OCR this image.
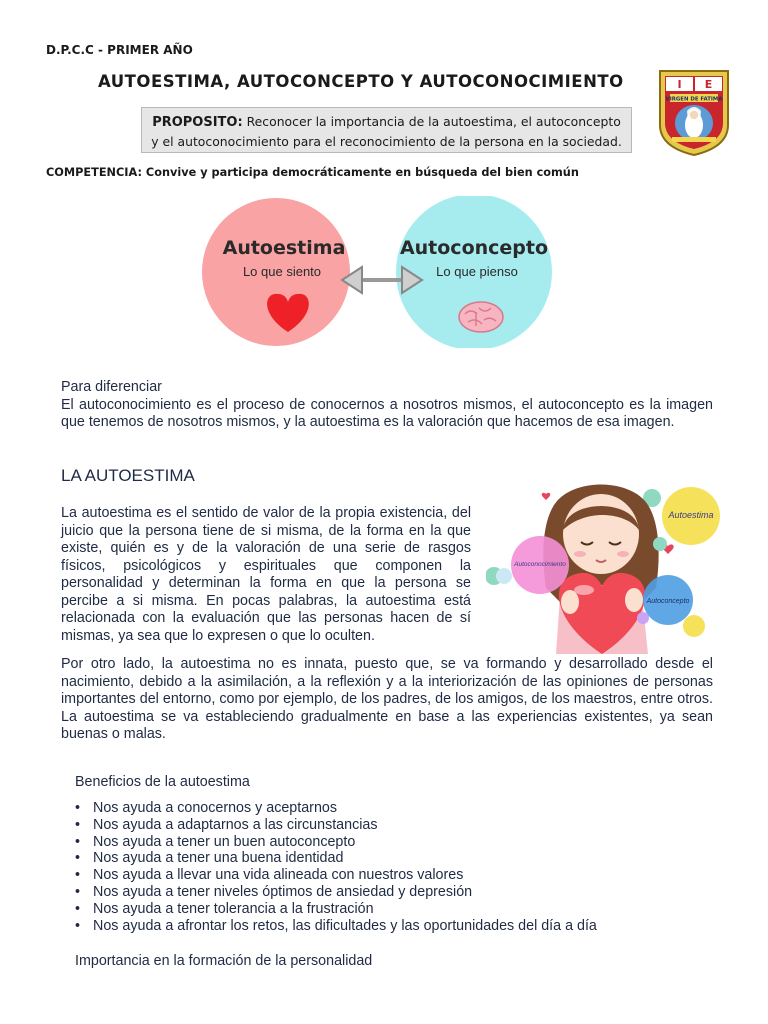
D.P.C.C - PRIMER AÑO
AUTOESTIMA, AUTOCONCEPTO Y AUTOCONOCIMIENTO
PROPOSITO: Reconocer la importancia de la autoestima, el autoconcepto y el autoconocimiento para el reconocimiento de la persona en la sociedad.
COMPETENCIA: Convive y participa democráticamente en búsqueda del bien común
I E
VIRGEN DE FATIMA
Autoestima
Lo que siento
Autoconcepto
Lo que pienso
Para diferenciar
El autoconocimiento es el proceso de conocernos a nosotros mismos, el autoconcepto es la imagen que tenemos de nosotros mismos, y la autoestima es la valoración que hacemos de esa imagen.
LA AUTOESTIMA
La autoestima es el sentido de valor de la propia existencia, del juicio que la persona tiene de si misma, de la forma en la que existe, quién es y de la valoración de una serie de rasgos físicos, psicológicos y espirituales que componen la personalidad y determinan la forma en que la persona se percibe a si misma. En pocas palabras, la autoestima está relacionada con la evaluación que las personas hacen de sí mismas, ya sea que lo expresen o que lo oculten.
Autoestima
Autoconocimiento
Autoconcepto
Por otro lado, la autoestima no es innata, puesto que, se va formando y desarrollado desde el nacimiento, debido a la asimilación, a la reflexión y a la interiorización de las opiniones de personas importantes del entorno, como por ejemplo, de los padres, de los amigos, de los maestros, entre otros. La autoestima se va estableciendo gradualmente en base a las experiencias existentes, ya sean buenas o malas.
Beneficios de la autoestima
• Nos ayuda a conocernos y aceptarnos
• Nos ayuda a adaptarnos a las circunstancias
• Nos ayuda a tener un buen autoconcepto
• Nos ayuda a tener una buena identidad
• Nos ayuda a llevar una vida alineada con nuestros valores
• Nos ayuda a tener niveles óptimos de ansiedad y depresión
• Nos ayuda a tener tolerancia a la frustración
• Nos ayuda a afrontar los retos, las dificultades y las oportunidades del día a día
Importancia en la formación de la personalidad
